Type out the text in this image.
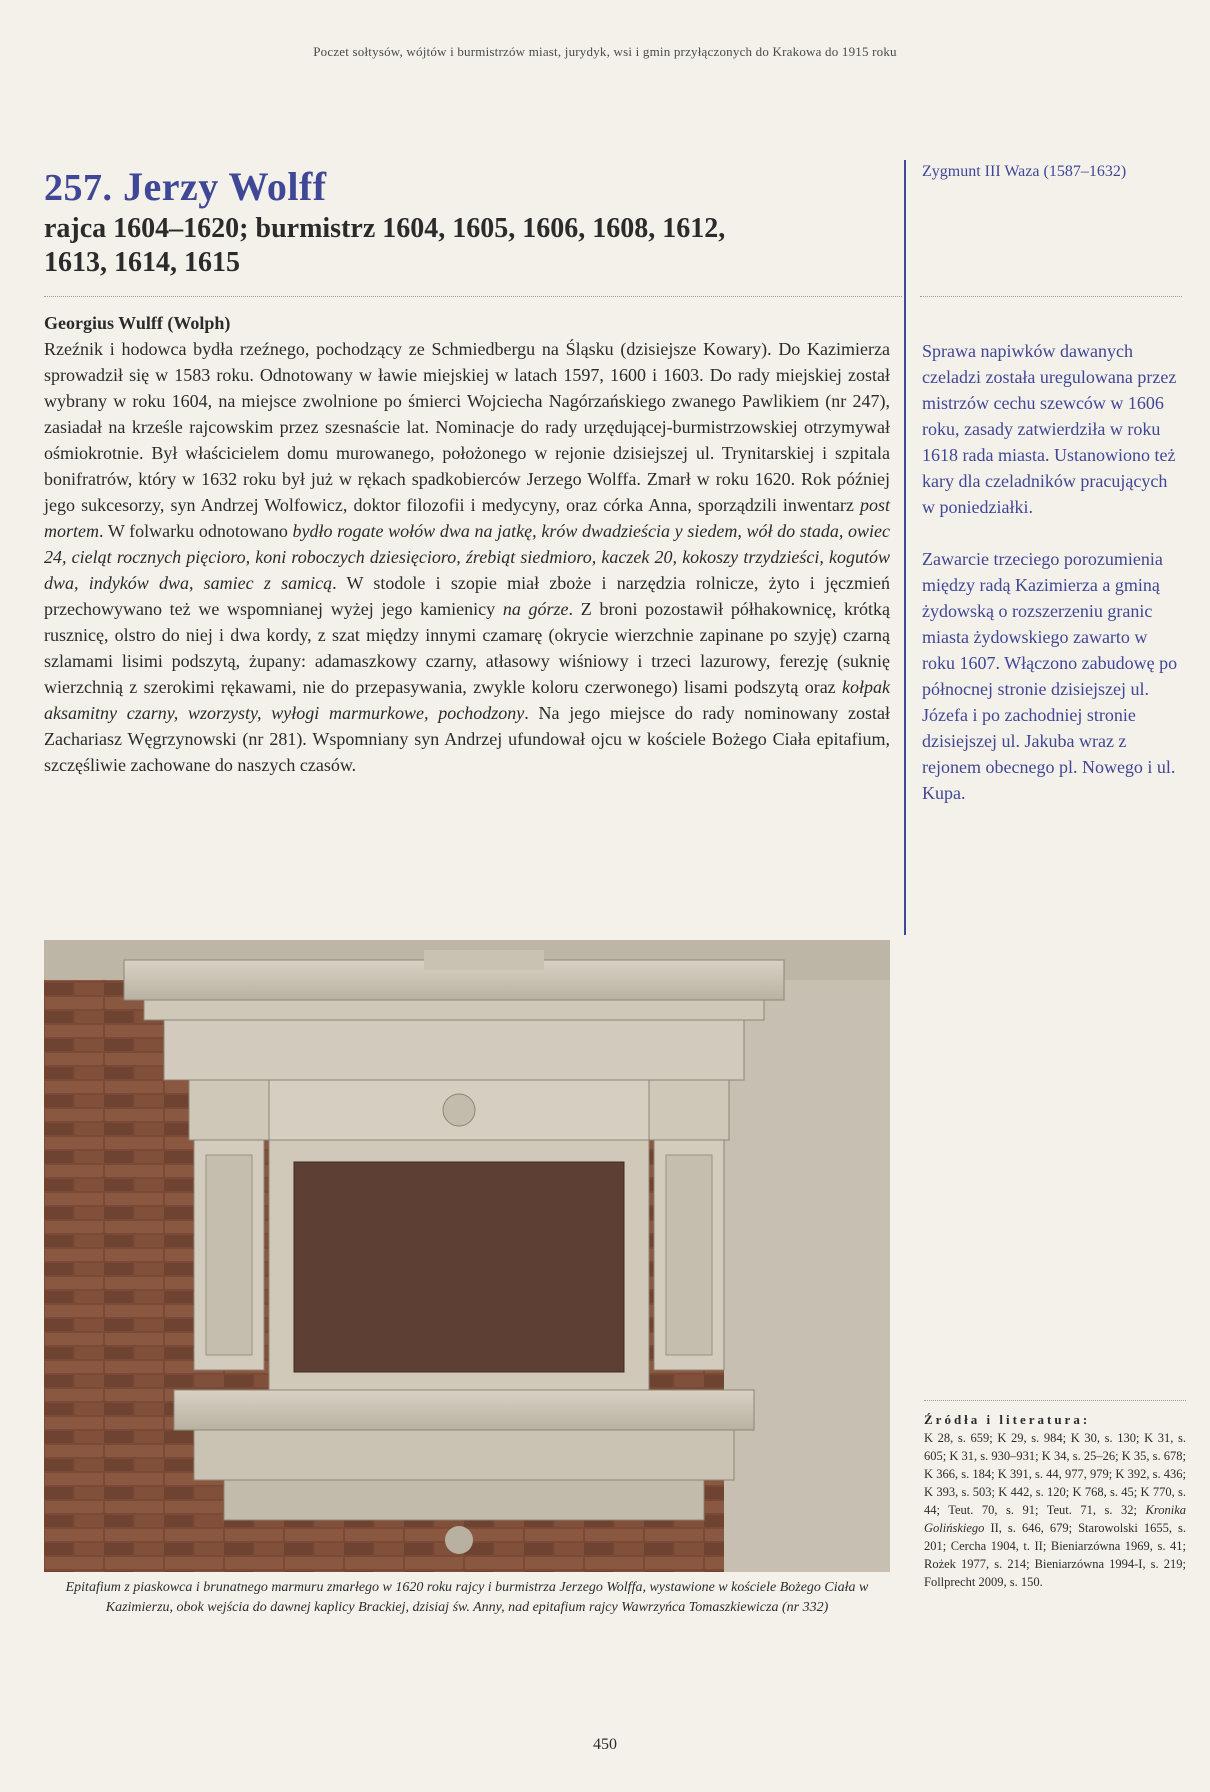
Poczet sołtysów, wójtów i burmistrzów miast, jurydyk, wsi i gmin przyłączonych do Krakowa do 1915 roku
257. Jerzy Wolff
rajca 1604–1620; burmistrz 1604, 1605, 1606, 1608, 1612,
1613, 1614, 1615
Zygmunt III Waza (1587–1632)
Georgius Wulff (Wolph)

Rzeźnik i hodowca bydła rzeźnego, pochodzący ze Schmiedbergu na Śląsku (dzisiejsze Kowary). Do Kazimierza sprowadził się w 1583 roku. Odnotowany w ławie miejskiej w latach 1597, 1600 i 1603. Do rady miejskiej został wybrany w roku 1604, na miejsce zwolnione po śmierci Wojciecha Nagórzańskiego zwanego Pawlikiem (nr 247), zasiadał na krześle rajcowskim przez szesnaście lat. Nominacje do rady urzędującej-burmistrzowskiej otrzymywał ośmiokrotnie. Był właścicielem domu murowanego, położonego w rejonie dzisiejszej ul. Trynitarskiej i szpitala bonifratrów, który w 1632 roku był już w rękach spadkobierców Jerzego Wolffa. Zmarł w roku 1620. Rok później jego sukcesorzy, syn Andrzej Wolfowicz, doktor filozofii i medycyny, oraz córka Anna, sporządzili inwentarz post mortem. W folwarku odnotowano bydło rogate wołów dwa na jatkę, krów dwadzieścia y siedem, wół do stada, owiec 24, cieląt rocznych pięcioro, koni roboczych dziesięcioro, źrebiąt siedmioro, kaczek 20, kokoszy trzydzieści, kogutów dwa, indyków dwa, samiec z samicą. W stodole i szopie miał zboże i narzędzia rolnicze, żyto i jęczmień przechowywano też we wspomnianej wyżej jego kamienicy na górze. Z broni pozostawił półhakownicę, krótką rusznicę, olstro do niej i dwa kordy, z szat między innymi czamarę (okrycie wierzchnie zapinane po szyję) czarną szlamami lisimi podszytą, żupany: adamaszkowy czarny, atłasowy wiśniowy i trzeci lazurowy, ferezję (suknię wierzchnią z szerokimi rękawami, nie do przepasywania, zwykle koloru czerwonego) lisami podszytą oraz kołpak aksamitny czarny, wzorzysty, wyłogi marmurkowe, pochodzony. Na jego miejsce do rady nominowany został Zachariasz Węgrzynowski (nr 281). Wspomniany syn Andrzej ufundował ojcu w kościele Bożego Ciała epitafium, szczęśliwie zachowane do naszych czasów.

Sprawa napiwków dawanych czeladzi została uregulowana przez mistrzów cechu szewców w 1606 roku, zasady zatwierdziła w roku 1618 rada miasta. Ustanowiono też kary dla czeladników pracujących w poniedziałki.

Zawarcie trzeciego porozumienia między radą Kazimierza a gminą żydowską o rozszerzeniu granic miasta żydowskiego zawarto w roku 1607. Włączono zabudowę po północnej stronie dzisiejszej ul. Józefa i po zachodniej stronie dzisiejszej ul. Jakuba wraz z rejonem obecnego pl. Nowego i ul. Kupa.

Epitafium z piaskowca i brunatnego marmuru zmarłego w 1620 roku rajcy i burmistrza Jerzego Wolffa, wystawione w kościele Bożego Ciała w Kazimierzu, obok wejścia do dawnej kaplicy Brackiej, dzisiaj św. Anny, nad epitafium rajcy Wawrzyńca Tomaszkiewicza (nr 332)
Źródła i literatura:
K 28, s. 659; K 29, s. 984; K 30, s. 130; K 31, s. 605; K 31, s. 930–931; K 34, s. 25–26; K 35, s. 678; K 366, s. 184; K 391, s. 44, 977, 979; K 392, s. 436; K 393, s. 503; K 442, s. 120; K 768, s. 45; K 770, s. 44; Teut. 70, s. 91; Teut. 71, s. 32; Kronika Golińskiego II, s. 646, 679; Starowolski 1655, s. 201; Cercha 1904, t. II; Bieniarzówna 1969, s. 41; Rożek 1977, s. 214; Bieniarzówna 1994-I, s. 219; Follprecht 2009, s. 150.
450
